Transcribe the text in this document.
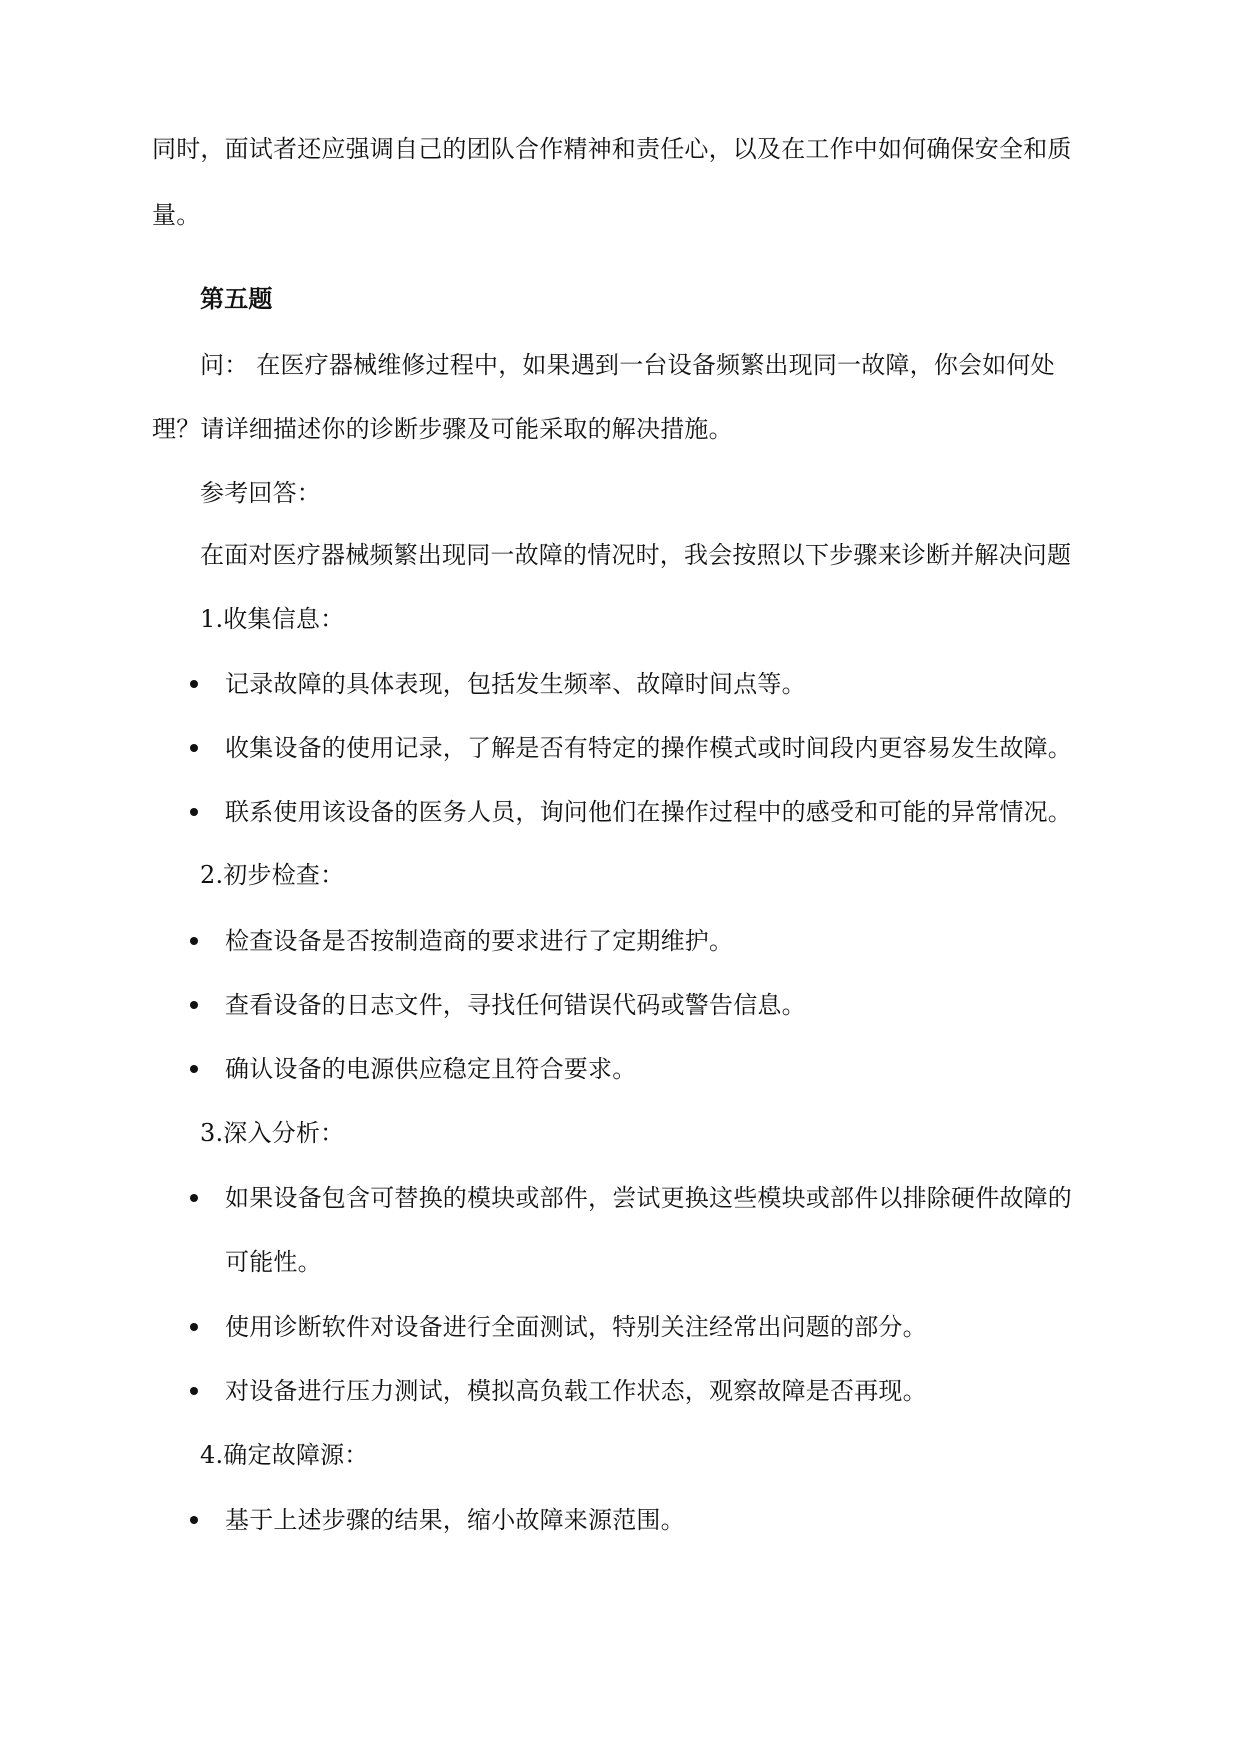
同时，面试者还应强调自己的团队合作精神和责任心，以及在工作中如何确保安全和质
量。
第五题
问： 在医疗器械维修过程中，如果遇到一台设备频繁出现同一故障，你会如何处
理？请详细描述你的诊断步骤及可能采取的解决措施。
参考回答：
在面对医疗器械频繁出现同一故障的情况时，我会按照以下步骤来诊断并解决问题
1.收集信息：
记录故障的具体表现，包括发生频率、故障时间点等。
收集设备的使用记录，了解是否有特定的操作模式或时间段内更容易发生故障。
联系使用该设备的医务人员，询问他们在操作过程中的感受和可能的异常情况。
2.初步检查：
检查设备是否按制造商的要求进行了定期维护。
查看设备的日志文件，寻找任何错误代码或警告信息。
确认设备的电源供应稳定且符合要求。
3.深入分析：
如果设备包含可替换的模块或部件，尝试更换这些模块或部件以排除硬件故障的
可能性。
使用诊断软件对设备进行全面测试，特别关注经常出问题的部分。
对设备进行压力测试，模拟高负载工作状态，观察故障是否再现。
4.确定故障源：
基于上述步骤的结果，缩小故障来源范围。
